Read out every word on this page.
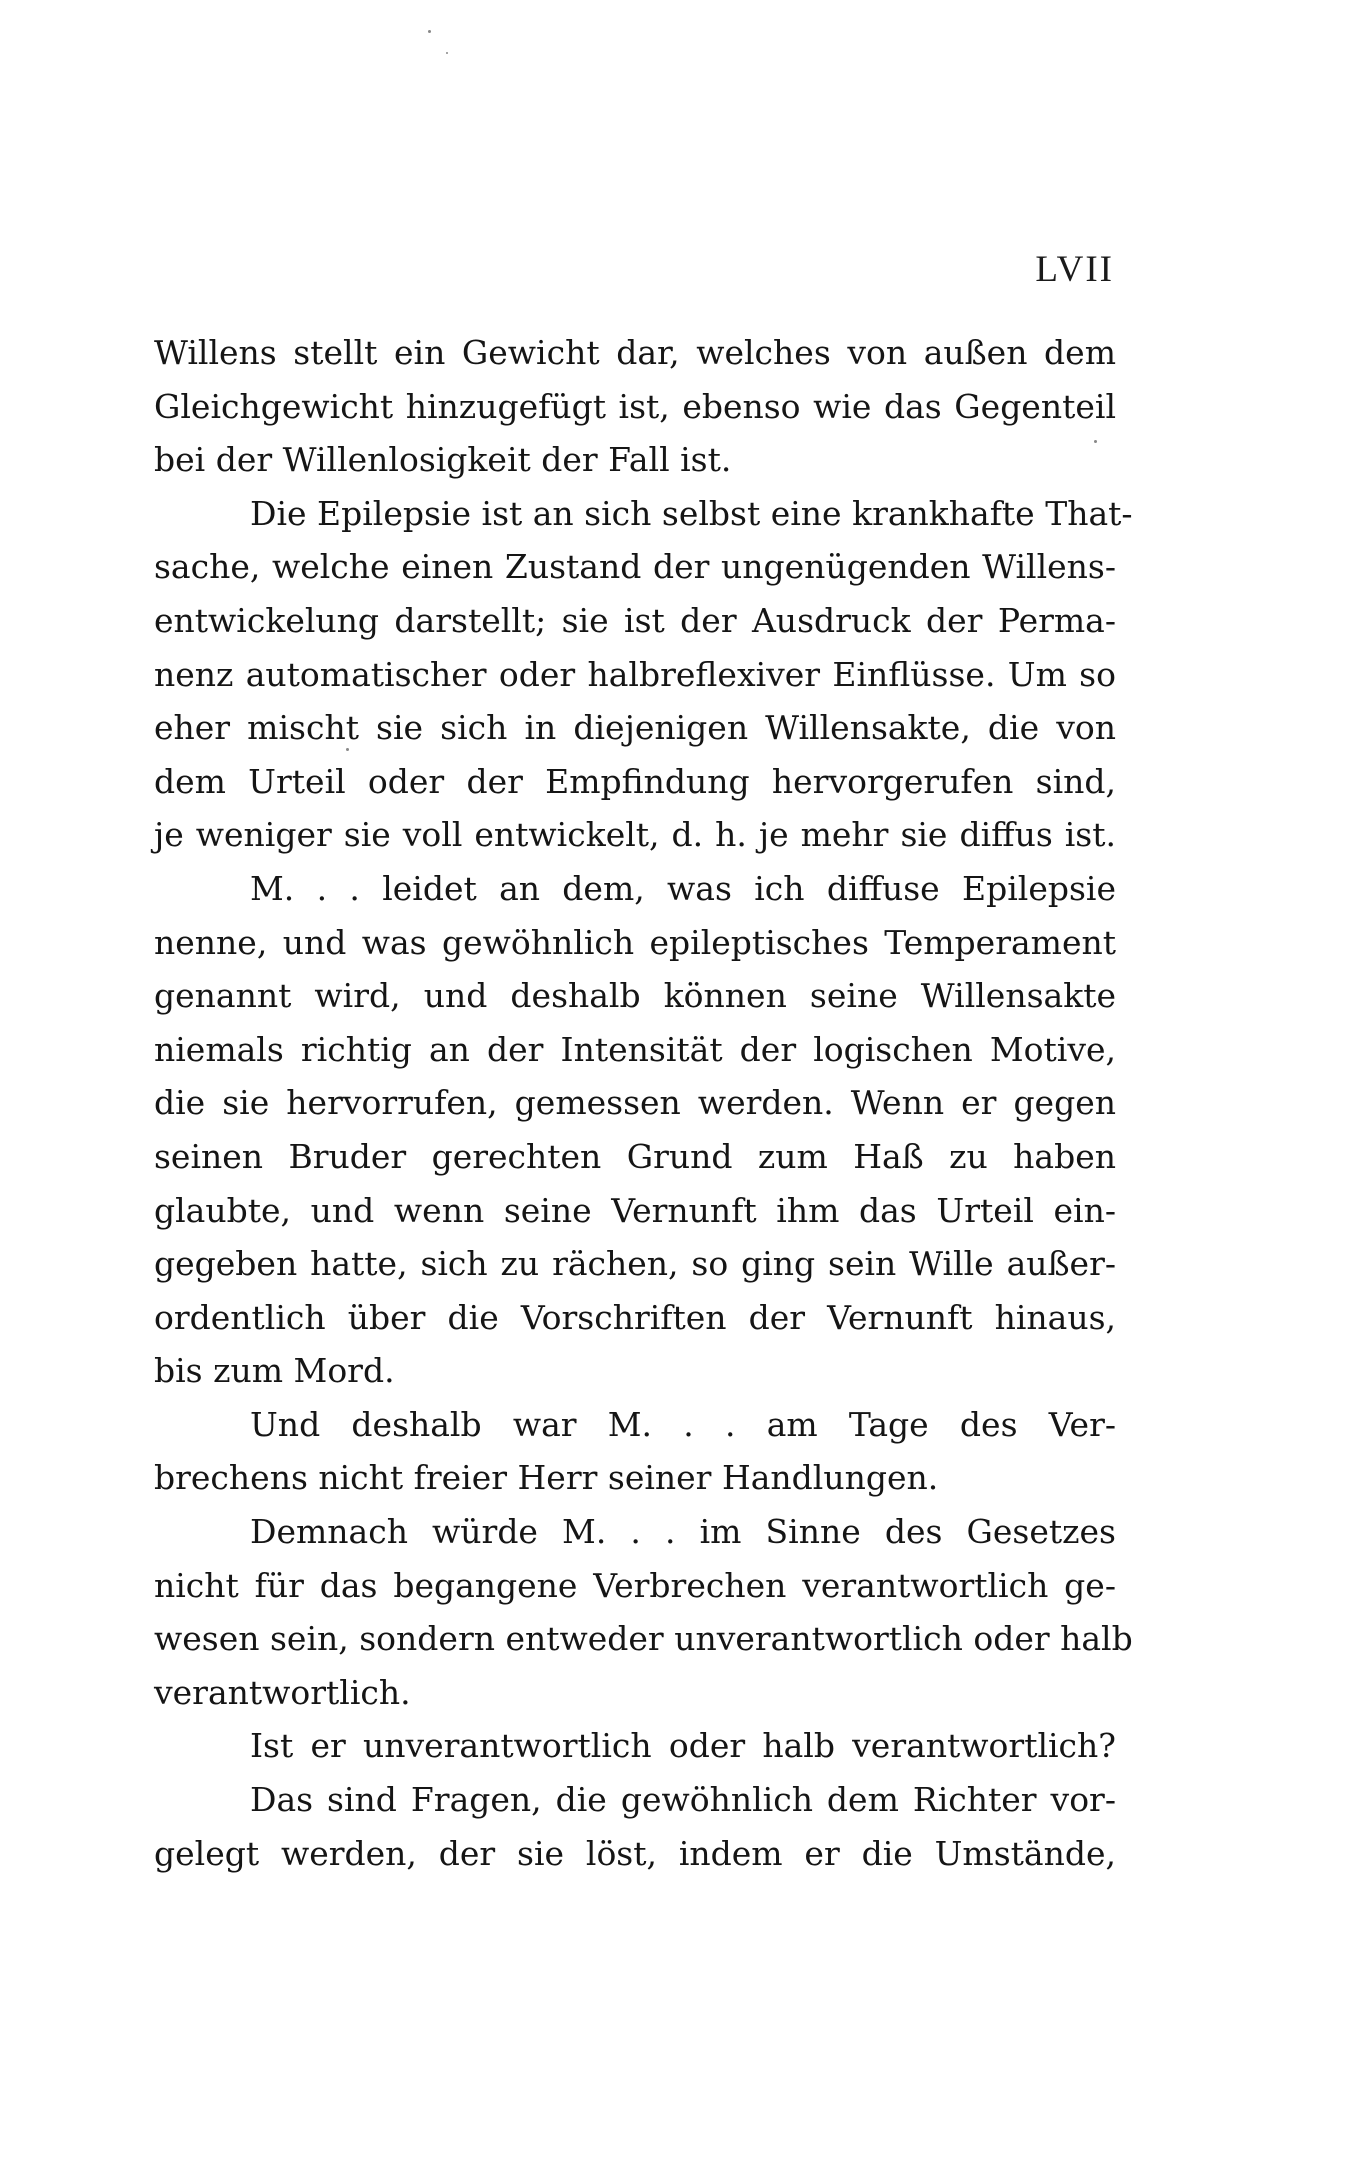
LVII
Willens stellt ein Gewicht dar, welches von außen dem
Gleichgewicht hinzugefügt ist, ebenso wie das Gegenteil
bei der Willenlosigkeit der Fall ist.
Die Epilepsie ist an sich selbst eine krankhafte That-
sache, welche einen Zustand der ungenügenden Willens-
entwickelung darstellt; sie ist der Ausdruck der Perma-
nenz automatischer oder halbreflexiver Einflüsse. Um so
eher mischt sie sich in diejenigen Willensakte, die von
dem Urteil oder der Empfindung hervorgerufen sind,
je weniger sie voll entwickelt, d. h. je mehr sie diffus ist.
M. . . leidet an dem, was ich diffuse Epilepsie
nenne, und was gewöhnlich epileptisches Temperament
genannt wird, und deshalb können seine Willensakte
niemals richtig an der Intensität der logischen Motive,
die sie hervorrufen, gemessen werden. Wenn er gegen
seinen Bruder gerechten Grund zum Haß zu haben
glaubte, und wenn seine Vernunft ihm das Urteil ein-
gegeben hatte, sich zu rächen, so ging sein Wille außer-
ordentlich über die Vorschriften der Vernunft hinaus,
bis zum Mord.
Und deshalb war M. . . am Tage des Ver-
brechens nicht freier Herr seiner Handlungen.
Demnach würde M. . . im Sinne des Gesetzes
nicht für das begangene Verbrechen verantwortlich ge-
wesen sein, sondern entweder unverantwortlich oder halb
verantwortlich.
Ist er unverantwortlich oder halb verantwortlich?
Das sind Fragen, die gewöhnlich dem Richter vor-
gelegt werden, der sie löst, indem er die Umstände,
